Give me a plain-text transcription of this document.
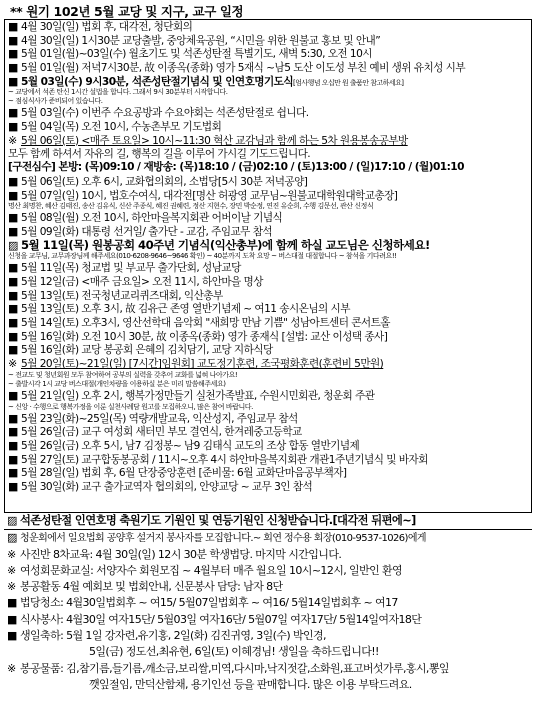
** 원기 102년 5월 교당 및 지구, 교구 일정
■ 4월 30일(일) 법회 후, 대각전, 청단회의
■ 4월 30일(일) 1시30분 교당출발, 중앙체육공원, “시민을 위한 원불교 홍보 및 안내”
■ 5월 01일(월)~03일(수) 월초기도 및 석존성탄절 특별기도, 새벽 5:30, 오전 10시
■ 5월 01일(월) 저녁7시30분, 故 이종옥(종화) 영가 5재식 ~남5 도산 이도성 부친 예비 생위 유치성 시부
■ 5월 03일(수) 9시30분, 석존성탄절기념식 및 인연호명기도식[엄사행념 오십만 원 출품안 참고하세요]
~ 교당에서 석존 탄신 1시간 설법을 합니다. 그래서 9시 30분부터 시작합니다.
~ 점심식사가 준비되어 있습니다.
■ 5월 03일(수) 이번주 수요공방과 수요야회는 석존성탄절로 쉽니다.
■ 5월 04일(목) 오전 10시, 수농촌부모 기도법회
※ 5월 06일(토) <매주 토요일> 10시~11:30 혁산 교감님과 함께 하는 5차 원용봉송공부방
모두 함께 하셔서 자유의 길, 행복의 길을 이루어 가시길 기도드립니다.
[구전심수] 본방: (목)09:10 / 재방송: (목)18:10 / (금)02:10 / (토)13:00 / (일)17:10 / (월)01:10
■ 5월 06일(토) 오후 6시, 교화협의회의, 소법당[5시 30분 저녁공양]
■ 5월 07일(일) 10시, 법호수여식, 대각전[명산 허광영 교무님~원불교대학원대학교총장]
명산 최명찬, 혜산 김태진, 송산 김유식, 신산 주종식, 혜진 권혜련, 정산 지현수, 장민 박순정, 연진 유순희, 수행 김문선, 관산 신정식
■ 5월 08일(월) 오전 10시, 하안마을복지회관 어버이날 기념식
■ 5월 09일(화) 대통령 선거일/ 출가단 - 교감, 주임교무 참석
▨ 5월 11일(목) 원봉공회 40주년 기념식(익산총부)에 함께 하실 교도님은 신청하세요!
신청을 교무님, 교무과장님께 해주세요(010-6208-9646~9646 확인) ~ 40분까지 도착 요망 ~ 버스대절 대절합니다 ~ 참석을 기다려요!!
■ 5월 11일(목) 청교법 및 부교무 출가단회, 성남교당
■ 5월 12일(금) <매주 금요일> 오전 11시, 하안마을 명상
■ 5월 13일(토) 전국청년교리퀴즈대회, 익산총부
■ 5월 13일(토) 오후 3시, 故 김유근 존영 열반기념제 ~ 여11 송시온님의 시부
■ 5월 14일(토) 오후3시, 영산선학대 음악회 "새희망 만남 기쁨" 성남아트센터 콘서트홀
■ 5월 16일(화) 오전 10시 30분, 故 이종옥(종화) 영가 종재식 [설법: 교산 이성택 종사]
■ 5월 16일(화) 교당 봉공회 은혜의 김치담기, 교당 지하식당
※ 5월 20일(토)~21일(일) [7시간]임원회] 교도정기훈련, 조국평화훈련(훈련비 5만원)
~ 전교도 및 청년회원 모두 참여하여 공부의 실력을 갖추어 교화를 넓혀 나아가요!
~ 출발시각 1시 교당 버스대절(개인차량을 이용하실 분은 미리 말씀해주세요)
■ 5월 21일(일) 오후 2시, 행복가정만들기 실천가족발표, 수원시민회관, 청운회 주관
~ 신앙 · 수행으로 행복가정을 이룬 실천사례담 원고를 모집하오니, 많은 참여 바랍니다.
■ 5월 23일(화)~25일(목) 역량개발교육, 익산성지, 주임교무 참석
■ 5월 26일(금) 교구 여성회 새터민 부모 결연식, 한겨레중고등학교
■ 5월 26일(금) 오후 5시, 남7 김정봉~ 남9 김태식 교도의 조상 합동 열반기념제
■ 5월 27일(토) 교구합동봉공회 / 11시~오후 4시 하안마을복지회관 개관1주년기념식 및 바자회
■ 5월 28일(일) 법회 후, 6월 단장중앙훈련 [준비물: 6월 교화단마음공부책자]
■ 5월 30일(화) 교구 출가교역자 협의회의, 안양교당 ~ 교무 3인 참석
▨ 석존성탄절 인연호명 축원기도 기원인 및 연등기원인 신청받습니다.[대각전 뒤편에~]
▨ 청운회에서 일요법회 공양후 설거지 봉사자를 모집합니다.~ 회연 정수용 회장(010-9537-1026)에게
※ 사진반 8차교육: 4월 30일(일) 12시 30분 학생법당. 마지막 시간입니다.
※ 여성회문화교실: 서양자수 회원모집 ~ 4월부터 매주 월요일 10시~12시, 일반인 환영
※ 봉공활동 4월 예회보 및 법회안내, 신문봉사 담당: 남자 8단
■ 법당청소: 4월30일법회후 ~ 여15/ 5월07일법회후 ~ 여16/ 5월14일법회후 ~ 여17
■ 식사봉사: 4월30일 여자15단/ 5월03일 여자16단/ 5월07일 여자17단/ 5월14일여자18단
■ 생일축하: 5월 1일 강자련,유기홍, 2일(화) 김진귀영, 3일(수) 박인경,
5일(금) 정도선,최유현, 6일(토) 이혜경님! 생일을 축하드립니다!!
※ 봉공물품: 김,참기름,들기름,깨소금,보리쌀,미역,다시마,낙지젓갈,소화원,표고버섯가루,홍시,뽕잎
깻잎절임, 만덕산함채, 용기인선 등을 판매합니다. 많은 이용 부탁드려요.
